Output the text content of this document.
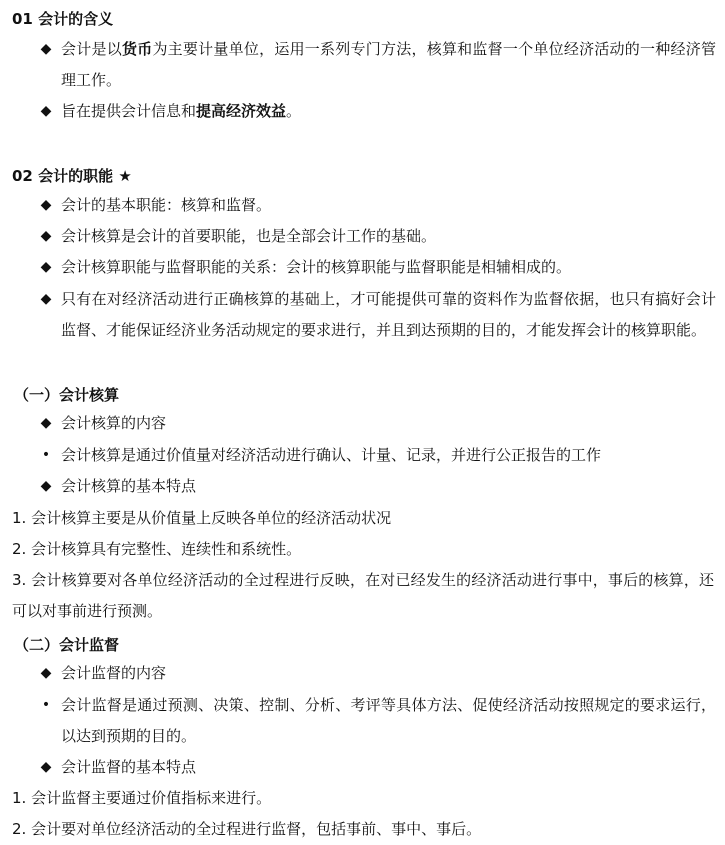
01 会计的含义
◆ 会计是以货币为主要计量单位，运用一系列专门方法，核算和监督一个单位经济活动的一种经济管理工作。
◆ 旨在提供会计信息和提高经济效益。
02 会计的职能 ★
◆ 会计的基本职能：核算和监督。
◆ 会计核算是会计的首要职能，也是全部会计工作的基础。
◆ 会计核算职能与监督职能的关系：会计的核算职能与监督职能是相辅相成的。
◆ 只有在对经济活动进行正确核算的基础上，才可能提供可靠的资料作为监督依据，也只有搞好会计监督、才能保证经济业务活动规定的要求进行，并且到达预期的目的，才能发挥会计的核算职能。
（一）会计核算
◆ 会计核算的内容
• 会计核算是通过价值量对经济活动进行确认、计量、记录，并进行公正报告的工作
◆ 会计核算的基本特点
1. 会计核算主要是从价值量上反映各单位的经济活动状况
2. 会计核算具有完整性、连续性和系统性。
3. 会计核算要对各单位经济活动的全过程进行反映，在对已经发生的经济活动进行事中，事后的核算，还可以对事前进行预测。
（二）会计监督
◆ 会计监督的内容
• 会计监督是通过预测、决策、控制、分析、考评等具体方法、促使经济活动按照规定的要求运行，以达到预期的目的。
◆ 会计监督的基本特点
1. 会计监督主要通过价值指标来进行。
2. 会计要对单位经济活动的全过程进行监督，包括事前、事中、事后。
